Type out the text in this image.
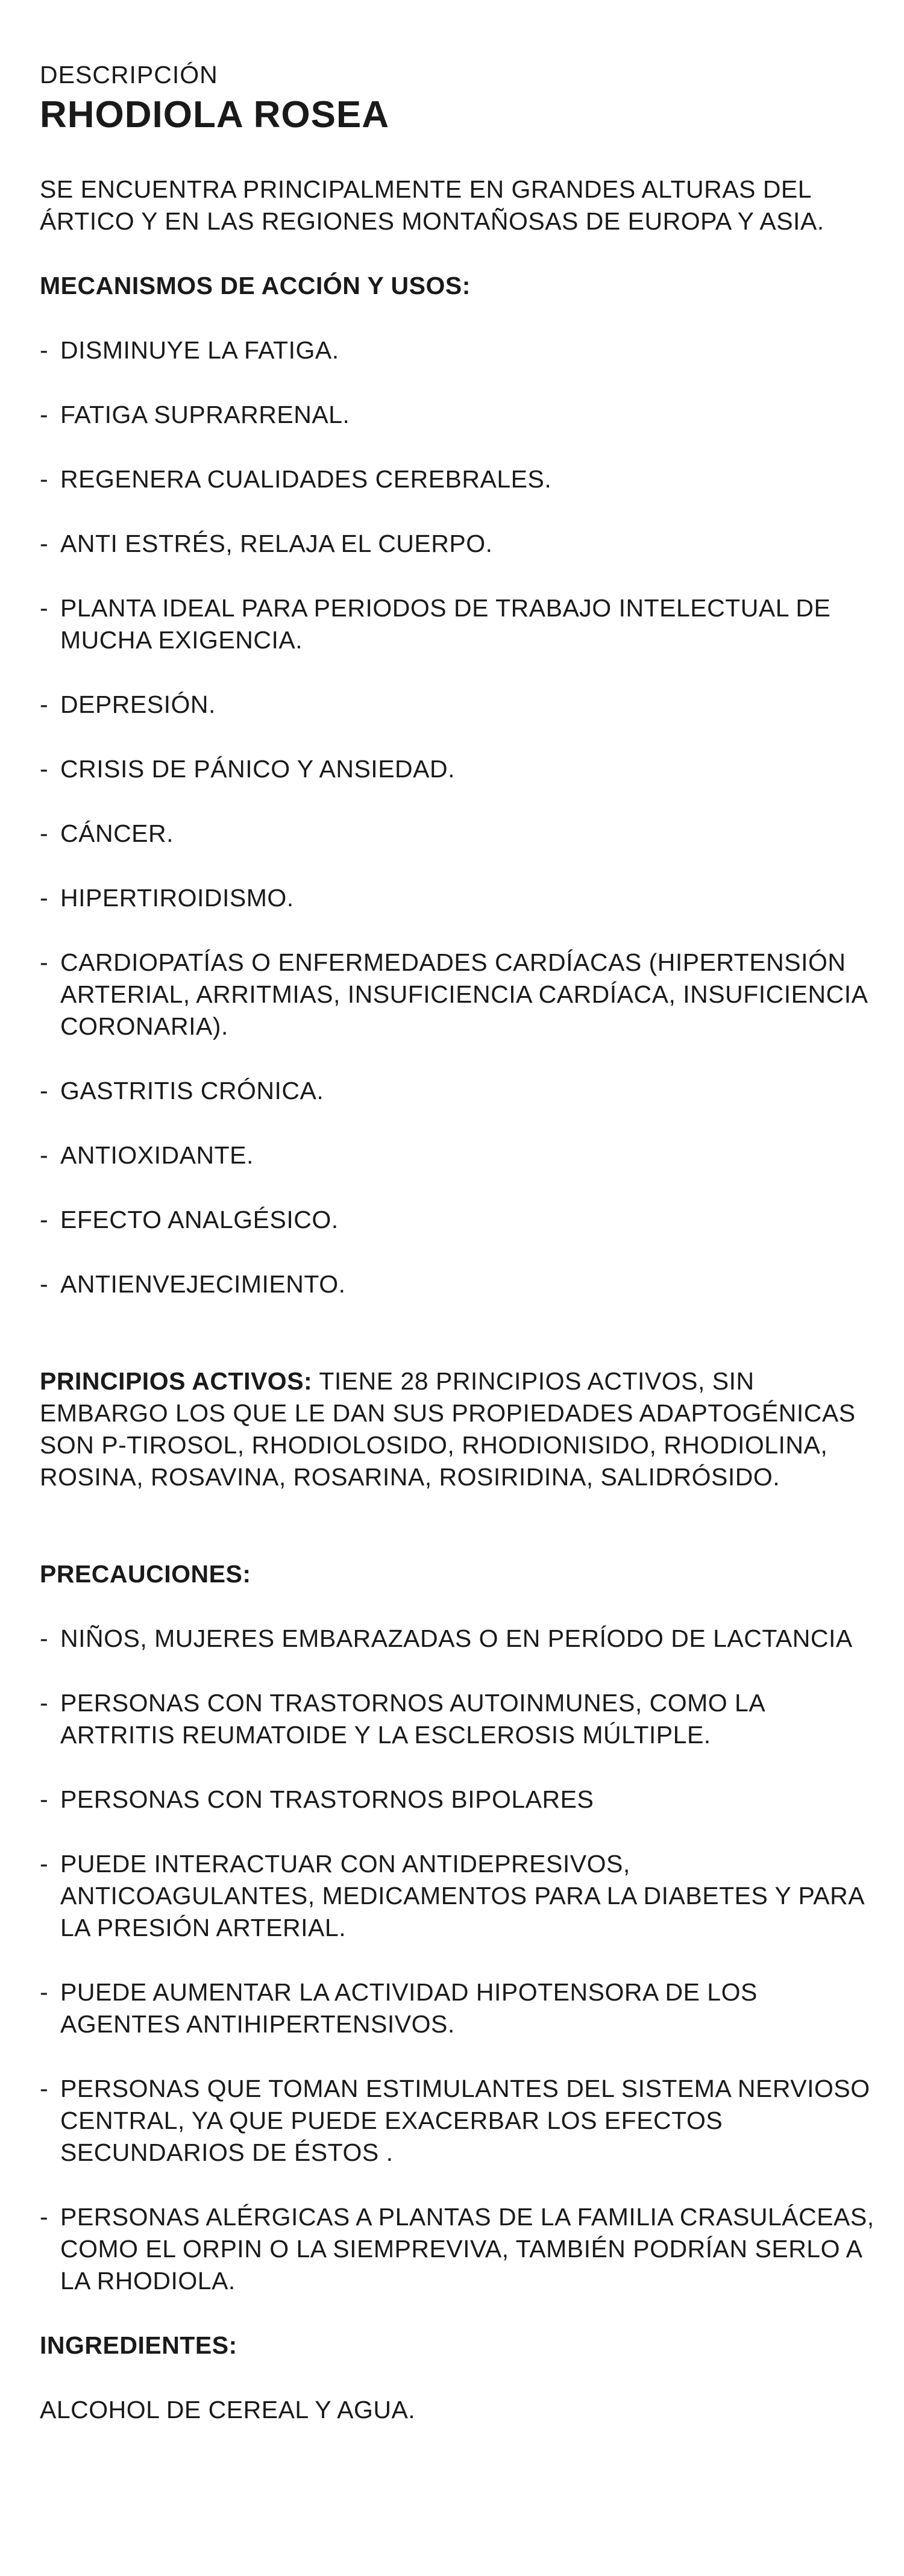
DESCRIPCIÓN

RHODIOLA ROSEA

SE ENCUENTRA PRINCIPALMENTE EN GRANDES ALTURAS DEL ÁRTICO Y EN LAS REGIONES MONTAÑOSAS DE EUROPA Y ASIA.

MECANISMOS DE ACCIÓN Y USOS:
- DISMINUYE LA FATIGA.
- FATIGA SUPRARRENAL.
- REGENERA CUALIDADES CEREBRALES.
- ANTI ESTRÉS, RELAJA EL CUERPO.
- PLANTA IDEAL PARA PERIODOS DE TRABAJO INTELECTUAL DE MUCHA EXIGENCIA.
- DEPRESIÓN.
- CRISIS DE PÁNICO Y ANSIEDAD.
- CÁNCER.
- HIPERTIROIDISMO.
- CARDIOPATÍAS O ENFERMEDADES CARDÍACAS (HIPERTENSIÓN ARTERIAL, ARRITMIAS, INSUFICIENCIA CARDÍACA, INSUFICIENCIA CORONARIA).
- GASTRITIS CRÓNICA.
- ANTIOXIDANTE.
- EFECTO ANALGÉSICO.
- ANTIENVEJECIMIENTO.

PRINCIPIOS ACTIVOS: TIENE 28 PRINCIPIOS ACTIVOS, SIN EMBARGO LOS QUE LE DAN SUS PROPIEDADES ADAPTOGÉNICAS SON P-TIROSOL, RHODIOLOSIDO, RHODIONISIDO, RHODIOLINA, ROSINA, ROSAVINA, ROSARINA, ROSIRIDINA, SALIDRÓSIDO.

PRECAUCIONES:
- NIÑOS, MUJERES EMBARAZADAS O EN PERÍODO DE LACTANCIA
- PERSONAS CON TRASTORNOS AUTOINMUNES, COMO LA ARTRITIS REUMATOIDE Y LA ESCLEROSIS MÚLTIPLE.
- PERSONAS CON TRASTORNOS BIPOLARES
- PUEDE INTERACTUAR CON ANTIDEPRESIVOS, ANTICOAGULANTES, MEDICAMENTOS PARA LA DIABETES Y PARA LA PRESIÓN ARTERIAL.
- PUEDE AUMENTAR LA ACTIVIDAD HIPOTENSORA DE LOS AGENTES ANTIHIPERTENSIVOS.
- PERSONAS QUE TOMAN ESTIMULANTES DEL SISTEMA NERVIOSO CENTRAL, YA QUE PUEDE EXACERBAR LOS EFECTOS SECUNDARIOS DE ÉSTOS .
- PERSONAS ALÉRGICAS A PLANTAS DE LA FAMILIA CRASULÁCEAS, COMO EL ORPIN O LA SIEMPREVIVA, TAMBIÉN PODRÍAN SERLO A LA RHODIOLA.
INGREDIENTES:

ALCOHOL DE CEREAL Y AGUA.
